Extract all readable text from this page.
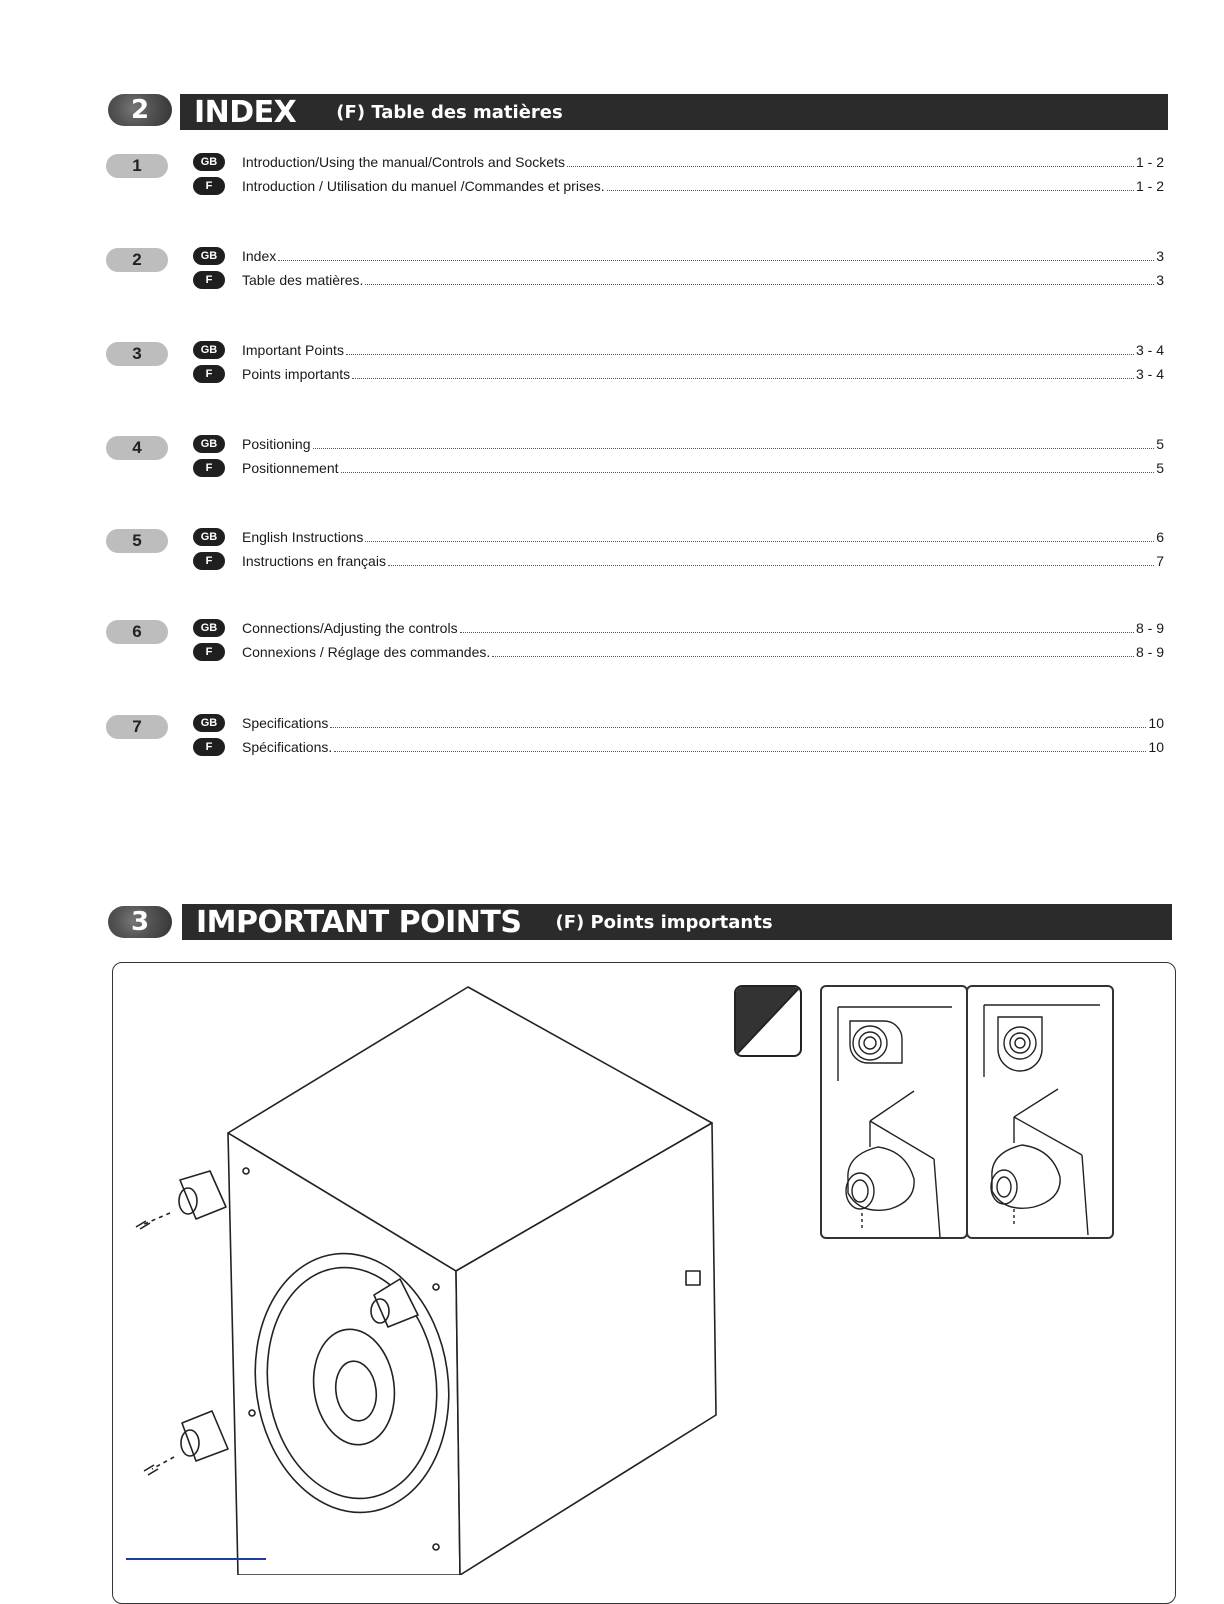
2	INDEX (F) Table des matières
1	GB	Introduction/Using the manual/Controls and Sockets	1 - 2
F	Introduction / Utilisation du manuel /Commandes et prises.	1 - 2
2	GB	Index	3
F	Table des matières.	3
3	GB	Important Points	3 - 4
F	Points importants	3 - 4
4	GB	Positioning	5
F	Positionnement	5
5	GB	English Instructions	6
F	Instructions en français	7
6	GB	Connections/Adjusting the controls	8 - 9
F	Connexions / Réglage des commandes.	8 - 9
7	GB	Specifications	10
F	Spécifications.	10
3	IMPORTANT POINTS (F) Points importants
